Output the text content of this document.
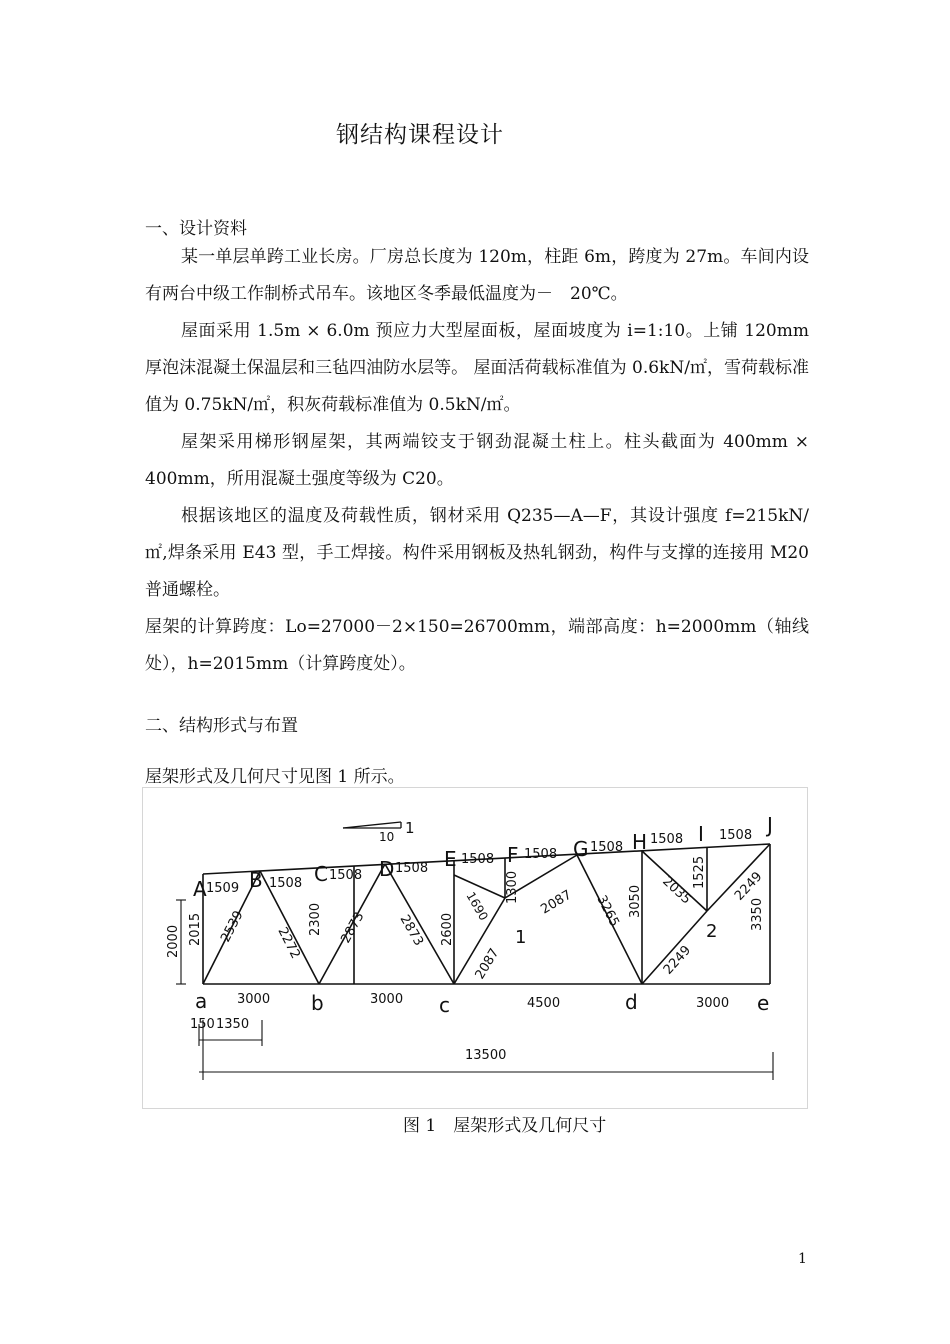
钢结构课程设计
一、设计资料
某一单层单跨工业长房。厂房总长度为 120m，柱距 6m，跨度为 27m。车间内设有两台中级工作制桥式吊车。该地区冬季最低温度为－　20℃。
屋面采用 1.5m × 6.0m 预应力大型屋面板，屋面坡度为 i=1:10。上铺 120mm 厚泡沫混凝土保温层和三毡四油防水层等。 屋面活荷载标准值为 0.6kN/㎡，雪荷载标准值为 0.75kN/㎡，积灰荷载标准值为 0.5kN/㎡。
屋架采用梯形钢屋架，其两端铰支于钢劲混凝土柱上。柱头截面为 400mm × 400mm，所用混凝土强度等级为 C20。
根据该地区的温度及荷载性质，钢材采用 Q235—A—F，其设计强度 f=215kN/㎡,焊条采用 E43 型，手工焊接。构件采用钢板及热轧钢劲，构件与支撑的连接用 M20 普通螺栓。
屋架的计算跨度：Lo=27000－2×150=26700mm，端部高度：h=2000mm（轴线处），h=2015mm（计算跨度处）。
二、结构形式与布置
屋架形式及几何尺寸见图 1 所示。
1
10
A B	C	D E	F	G H	I	J
a	b	c	d	e
1	2
1509 1508
1508	1508
1508 1508	1508
1508	1508
3000	3000	4500	3000
2015	2300	2600
1300	3050
1525
3350
2539 2272	2873 2873
1690
2087
2087 3265
2035
2249
2249
2000
150 1350
13500
图 1　屋架形式及几何尺寸
1
